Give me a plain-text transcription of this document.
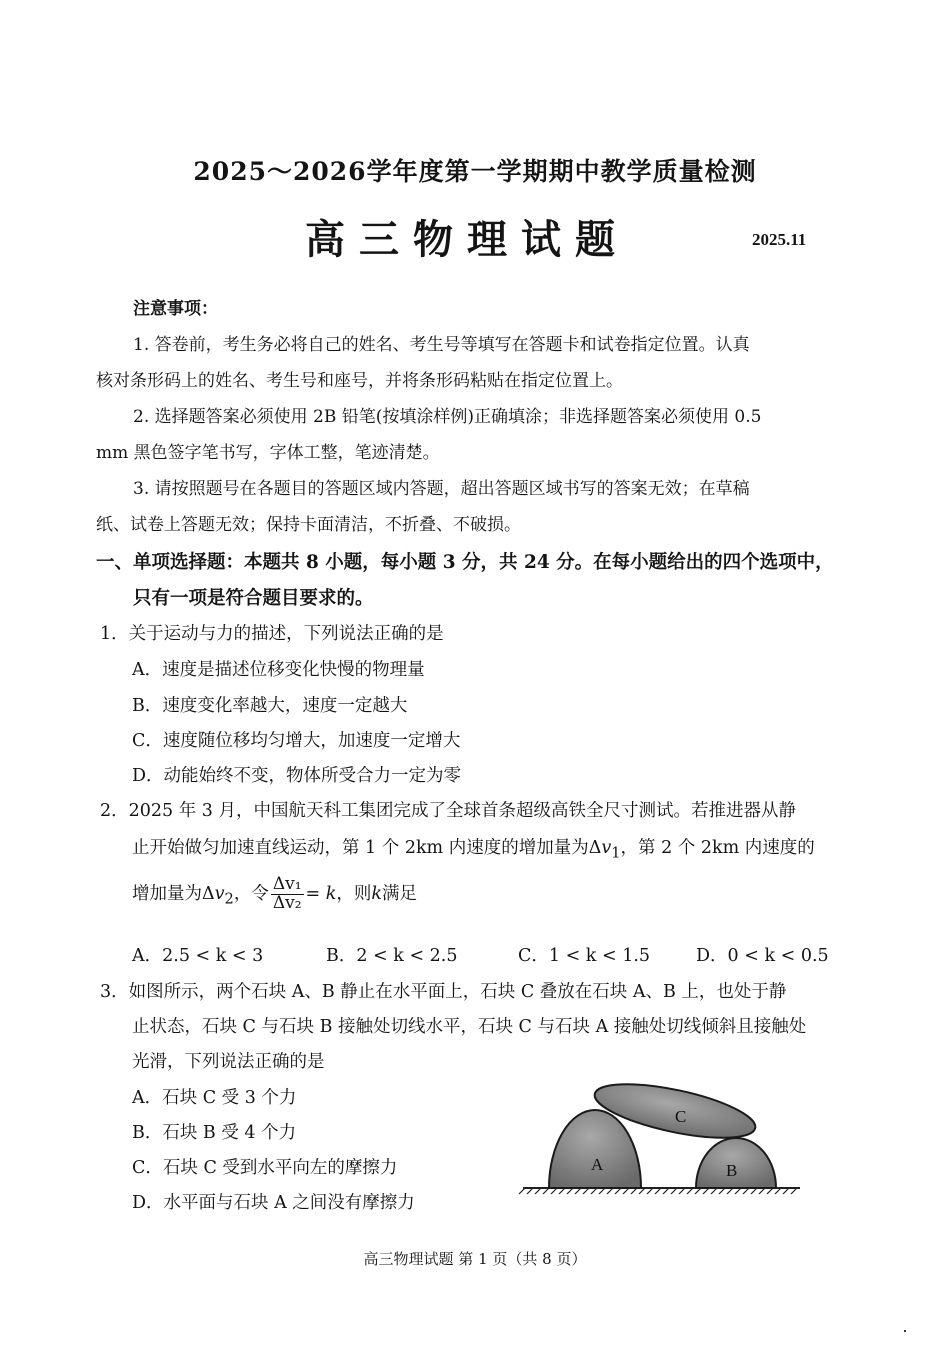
2025～2026学年度第一学期期中教学质量检测
高三物理试题	2025.11
注意事项：
1. 答卷前，考生务必将自己的姓名、考生号等填写在答题卡和试卷指定位置。认真
核对条形码上的姓名、考生号和座号，并将条形码粘贴在指定位置上。
2. 选择题答案必须使用 2B 铅笔(按填涂样例)正确填涂；非选择题答案必须使用 0.5
mm 黑色签字笔书写，字体工整，笔迹清楚。
3. 请按照题号在各题目的答题区域内答题，超出答题区域书写的答案无效；在草稿
纸、试卷上答题无效；保持卡面清洁，不折叠、不破损。
一、单项选择题：本题共 8 小题，每小题 3 分，共 24 分。在每小题给出的四个选项中，
只有一项是符合题目要求的。
1．关于运动与力的描述，下列说法正确的是
A．速度是描述位移变化快慢的物理量
B．速度变化率越大，速度一定越大
C．速度随位移均匀增大，加速度一定增大
D．动能始终不变，物体所受合力一定为零
2．2025 年 3 月，中国航天科工集团完成了全球首条超级高铁全尺寸测试。若推进器从静
止开始做匀加速直线运动，第 1 个 2km 内速度的增加量为$\Delta v_1$，第 2 个 2km 内速度的
增加量为$\Delta v_2$，令 $\frac{\text{Δv₁}}{\text{Δv₂}} = k$，则k满足
A．2.5 < k < 3	B．2 < k < 2.5	C．1 < k < 1.5	D．0 < k < 0.5
3．如图所示，两个石块 A、B 静止在水平面上，石块 C 叠放在石块 A、B 上，也处于静
止状态，石块 C 与石块 B 接触处切线水平，石块 C 与石块 A 接触处切线倾斜且接触处
光滑，下列说法正确的是
A．石块 C 受 3 个力
B．石块 B 受 4 个力
C．石块 C 受到水平向左的摩擦力
D．水平面与石块 A 之间没有摩擦力
A	B
C
高三物理试题 第 1 页（共 8 页）
